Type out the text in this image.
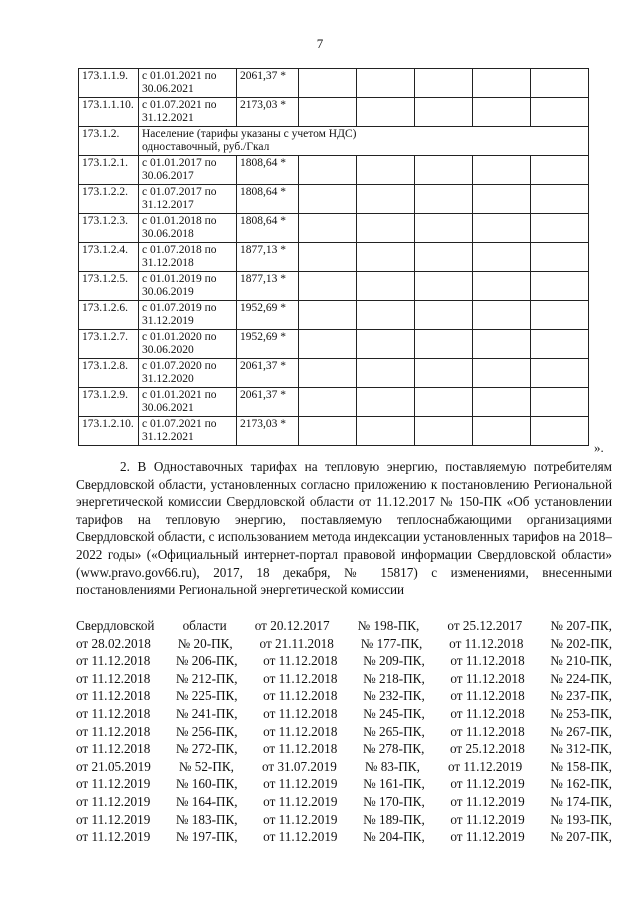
7
173.1.1.9.	с 01.01.2021 по 30.06.2021	2061,37 *					
173.1.1.10.	с 01.07.2021 по 31.12.2021	2173,03 *					
173.1.2.	Население (тарифы указаны с учетом НДС)
одноставочный, руб./Гкал						

173.1.2.1.	с 01.01.2017 по 30.06.2017	1808,64 *					
173.1.2.2.	с 01.07.2017 по 31.12.2017	1808,64 *					
173.1.2.3.	с 01.01.2018 по 30.06.2018	1808,64 *					
173.1.2.4.	с 01.07.2018 по 31.12.2018	1877,13 *					
173.1.2.5.	с 01.01.2019 по 30.06.2019	1877,13 *					
173.1.2.6.	с 01.07.2019 по 31.12.2019	1952,69 *					
173.1.2.7.	с 01.01.2020 по 30.06.2020	1952,69 *					
173.1.2.8.	с 01.07.2020 по 31.12.2020	2061,37 *					
173.1.2.9.	с 01.01.2021 по 30.06.2021	2061,37 *					
173.1.2.10.	с 01.07.2021 по 31.12.2021	2173,03 *					
».

2. В Одноставочных тарифах на тепловую энергию, поставляемую потребителям Свердловской области, установленных согласно приложению к постановлению Региональной энергетической комиссии Свердловской области от 11.12.2017 № 150-ПК «Об установлении тарифов на тепловую энергию, поставляемую теплоснабжающими организациями Свердловской области, с использованием метода индексации установленных тарифов на 2018–2022 годы» («Официальный интернет-портал правовой информации Свердловской области» (www.pravo.gov66.ru), 2017, 18 декабря, № 15817) с изменениями, внесенными постановлениями Региональной энергетической комиссии

Свердловской области от 20.12.2017 № 198-ПК, от 25.12.2017 № 207-ПК,
от 28.02.2018 № 20-ПК, от 21.11.2018 № 177-ПК, от 11.12.2018 № 202-ПК,
от 11.12.2018 № 206-ПК, от 11.12.2018 № 209-ПК, от 11.12.2018 № 210-ПК,
от 11.12.2018 № 212-ПК, от 11.12.2018 № 218-ПК, от 11.12.2018 № 224-ПК,
от 11.12.2018 № 225-ПК, от 11.12.2018 № 232-ПК, от 11.12.2018 № 237-ПК,
от 11.12.2018 № 241-ПК, от 11.12.2018 № 245-ПК, от 11.12.2018 № 253-ПК,
от 11.12.2018 № 256-ПК, от 11.12.2018 № 265-ПК, от 11.12.2018 № 267-ПК,
от 11.12.2018 № 272-ПК, от 11.12.2018 № 278-ПК, от 25.12.2018 № 312-ПК,
от 21.05.2019 № 52-ПК, от 31.07.2019 № 83-ПК, от 11.12.2019 № 158-ПК,
от 11.12.2019 № 160-ПК, от 11.12.2019 № 161-ПК, от 11.12.2019 № 162-ПК,
от 11.12.2019 № 164-ПК, от 11.12.2019 № 170-ПК, от 11.12.2019 № 174-ПК,
от 11.12.2019 № 183-ПК, от 11.12.2019 № 189-ПК, от 11.12.2019 № 193-ПК,
от 11.12.2019 № 197-ПК, от 11.12.2019 № 204-ПК, от 11.12.2019 № 207-ПК,
